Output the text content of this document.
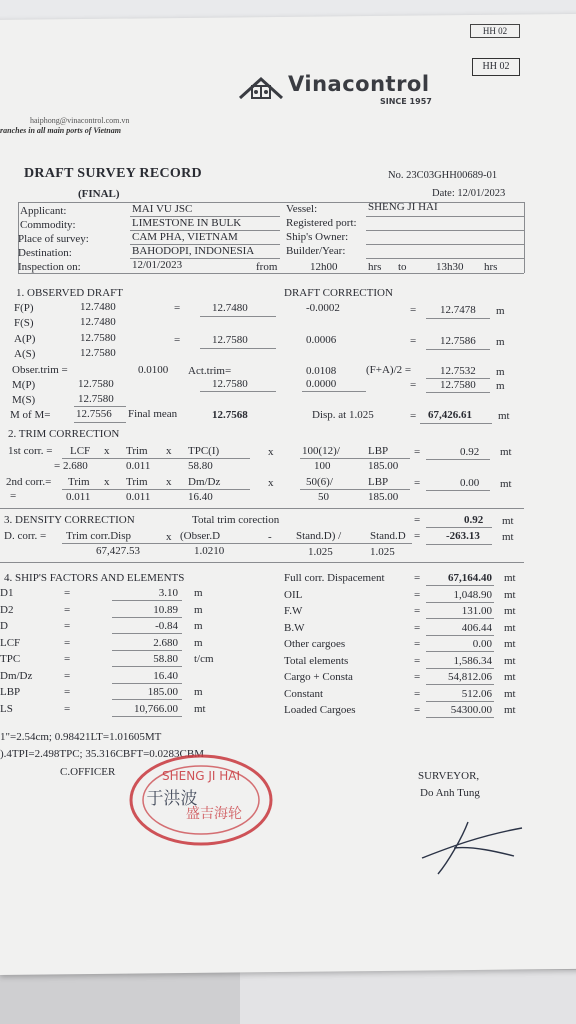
HH 02
HH 02
Vinacontrol
SINCE 1957
haiphong@vinacontrol.com.vn
ranches in all main ports of Vietnam
DRAFT SURVEY RECORD
(FINAL)
No. 23C03GHH00689-01
Date: 12/01/2023
Applicant:	MAI VU JSC
Commodity:	LIMESTONE IN BULK
Place of survey:	CAM PHA, VIETNAM
Destination:	BAHODOPI, INDONESIA
Inspection on:	12/01/2023	from	12h00	hrs to	13h30 hrs
Vessel:	SHENG JI HAI
Registered port:
Ship's Owner:
Builder/Year:
1. OBSERVED DRAFT	DRAFT CORRECTION
F(P)	12.7480	=	12.7480	-0.0002	= 12.7478 m
F(S)	12.7480
A(P)	12.7580	=	12.7580	0.0006	= 12.7586 m
A(S)	12.7580
Obser.trim =	0.0100 Act.trim=	0.0108	(F+A)/2 =	12.7532 m
M(P)	12.7580	12.7580	0.0000	= 12.7580 m
M(S)	12.7580
M of M= 12.7556 Final mean	12.7568	Disp. at 1.025	= 67,426.61 mt
2. TRIM CORRECTION
1st corr. = LCF x Trim x TPC(I)	x	100(12)/	LBP =	0.92 mt
= 2.680	0.011	58.80	100	185.00
2nd corr.= Trim x Trim x Dm/Dz	x	50(6)/	LBP =	0.00 mt
=	0.011	0.011	16.40	50	185.00
3. DENSITY CORRECTION	Total trim corection	=	0.92 mt
D. corr. = Trim corr.Disp	x (Obser.D	- Stand.D) /	Stand.D = -263.13 mt
67,427.53	1.0210	1.025	1.025
4. SHIP'S FACTORS AND ELEMENTS
D1	=	3.10 m
D2	=	10.89 m
D	=	-0.84 m
LCF	=	2.680 m
TPC	=	58.80 t/cm
Dm/Dz	=	16.40
LBP	=	185.00 m
LS	=	10,766.00 mt
Full corr. Dispacement	=	67,164.40 mt
OIL	=	1,048.90 mt
F.W	=	131.00 mt
B.W	=	406.44 mt
Other cargoes	=	0.00 mt
Total elements	=	1,586.34 mt
Cargo + Consta	=	54,812.06 mt
Constant	=	512.06 mt
Loaded Cargoes	=	54300.00 mt
1"=2.54cm; 0.98421LT=1.01605MT
).4TPI=2.498TPC; 35.316CBFT=0.0283CBM
C.OFFICER	SURVEYOR,
Do Anh Tung
SHENG JI HAI
盛吉海轮
于洪波
